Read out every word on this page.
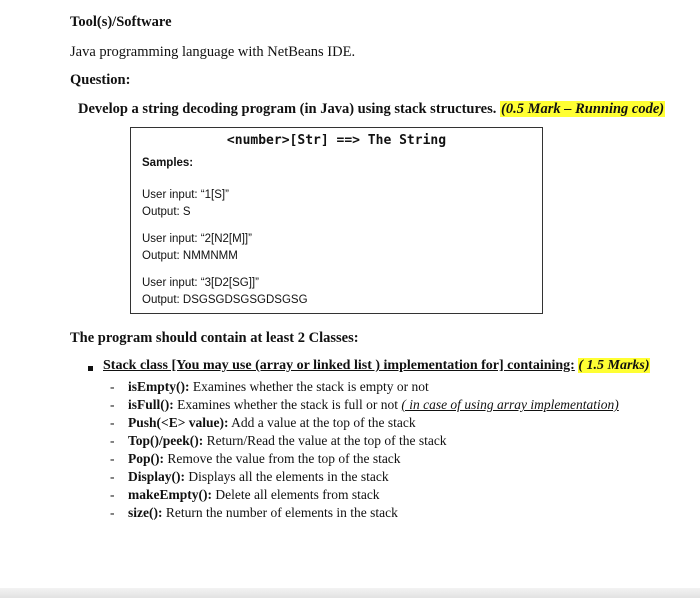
Tool(s)/Software
Java programming language with NetBeans IDE.
Question:
Develop a string decoding program (in Java) using stack structures. (0.5 Mark – Running code)
<number>[Str] ==> The String
Samples:
User input: “1[S]”
Output: S
User input: “2[N2[M]]”
Output: NMMNMM
User input: “3[D2[SG]]”
Output: DSGSGDSGSGDSGSG
The program should contain at least 2 Classes:
Stack class [You may use (array or linked list ) implementation for] containing: ( 1.5 Marks)
- isEmpty(): Examines whether the stack is empty or not
- isFull(): Examines whether the stack is full or not ( in case of using array implementation)
- Push(<E> value): Add a value at the top of the stack
- Top()/peek(): Return/Read the value at the top of the stack
- Pop(): Remove the value from the top of the stack
- Display(): Displays all the elements in the stack
- makeEmpty(): Delete all elements from stack
- size(): Return the number of elements in the stack
